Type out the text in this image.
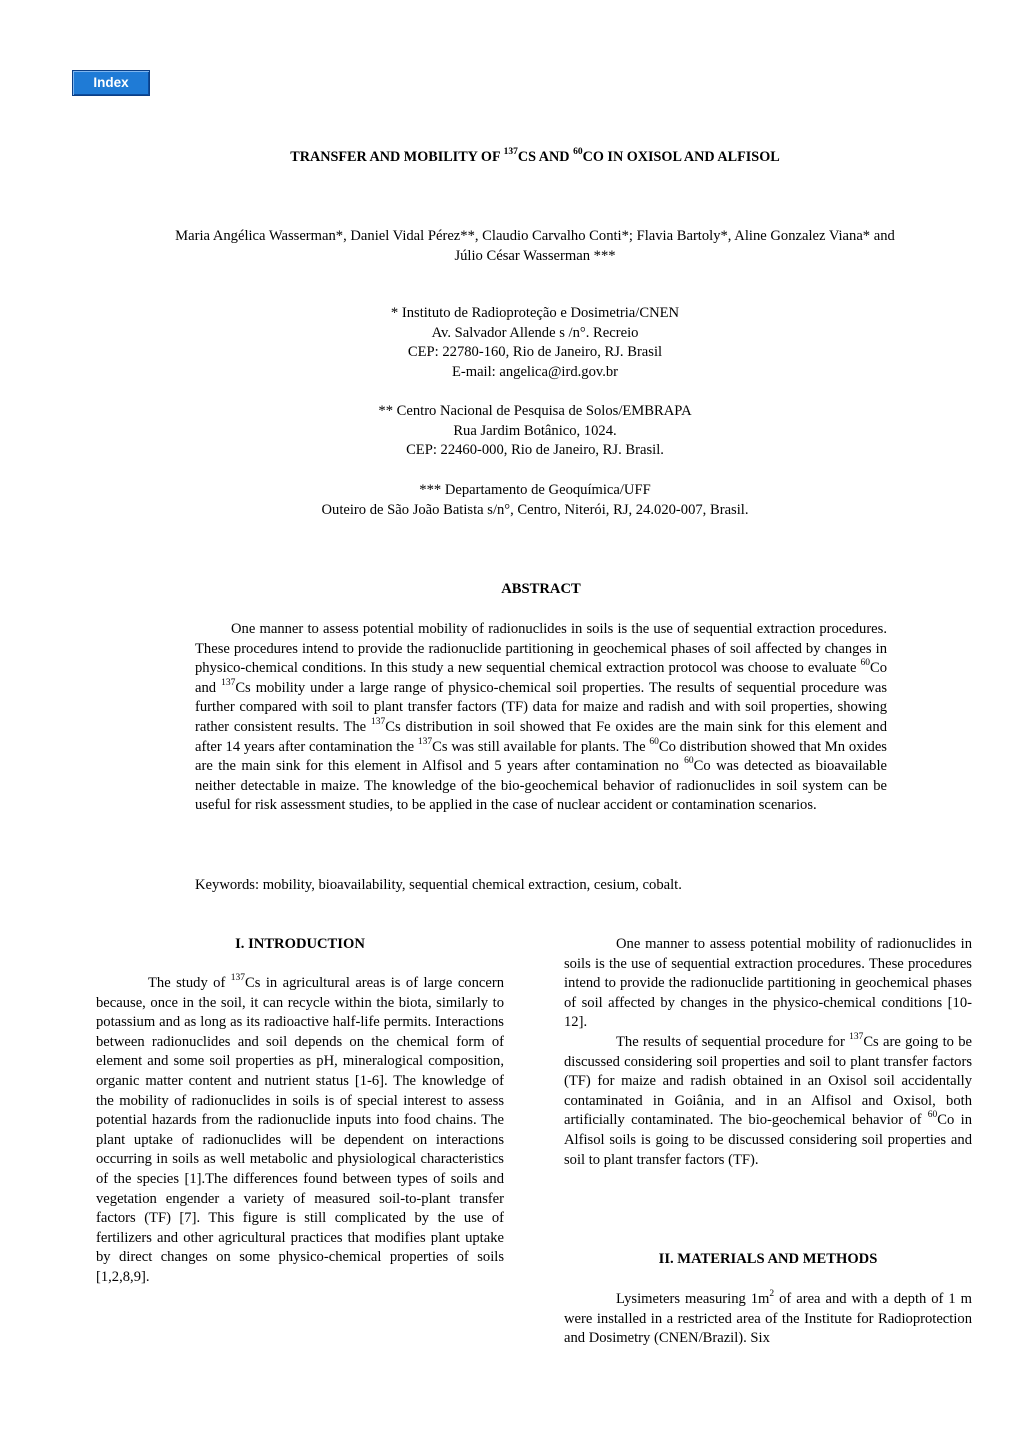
Index
TRANSFER AND MOBILITY OF $^{137}$CS AND $^{60}$CO IN OXISOL AND ALFISOL
Maria Angélica Wasserman*, Daniel Vidal Pérez**, Claudio Carvalho Conti*; Flavia Bartoly*, Aline Gonzalez Viana* and
Júlio César Wasserman ***
* Instituto de Radioproteção e Dosimetria/CNEN
Av. Salvador Allende s /n°. Recreio
CEP: 22780-160, Rio de Janeiro, RJ. Brasil
E-mail: angelica@ird.gov.br
** Centro Nacional de Pesquisa de Solos/EMBRAPA
Rua Jardim Botânico, 1024.
CEP: 22460-000, Rio de Janeiro, RJ. Brasil.
*** Departamento de Geoquímica/UFF
Outeiro de São João Batista s/n°, Centro, Niterói, RJ, 24.020-007, Brasil.
ABSTRACT

One manner to assess potential mobility of radionuclides in soils is the use of sequential extraction procedures. These procedures intend to provide the radionuclide partitioning in geochemical phases of soil affected by changes in physico-chemical conditions. In this study a new sequential chemical extraction protocol was choose to evaluate $^{60}$Co and $^{137}$Cs mobility under a large range of physico-chemical soil properties. The results of sequential procedure was further compared with soil to plant transfer factors (TF) data for maize and radish and with soil properties, showing rather consistent results. The $^{137}$Cs distribution in soil showed that Fe oxides are the main sink for this element and after 14 years after contamination the $^{137}$Cs was still available for plants. The $^{60}$Co distribution showed that Mn oxides are the main sink for this element in Alfisol and 5 years after contamination no $^{60}$Co was detected as bioavailable neither detectable in maize. The knowledge of the bio-geochemical behavior of radionuclides in soil system can be useful for risk assessment studies, to be applied in the case of nuclear accident or contamination scenarios.

Keywords: mobility, bioavailability, sequential chemical extraction, cesium, cobalt.
I. INTRODUCTION

The study of $^{137}$Cs in agricultural areas is of large concern because, once in the soil, it can recycle within the biota, similarly to potassium and as long as its radioactive half-life permits. Interactions between radionuclides and soil depends on the chemical form of element and some soil properties as pH, mineralogical composition, organic matter content and nutrient status [1-6]. The knowledge of the mobility of radionuclides in soils is of special interest to assess potential hazards from the radionuclide inputs into food chains. The plant uptake of radionuclides will be dependent on interactions occurring in soils as well metabolic and physiological characteristics of the species [1].The differences found between types of soils and vegetation engender a variety of measured soil-to-plant transfer factors (TF) [7]. This figure is still complicated by the use of fertilizers and other agricultural practices that modifies plant uptake by direct changes on some physico-chemical properties of soils [1,2,8,9].

One manner to assess potential mobility of radionuclides in soils is the use of sequential extraction procedures. These procedures intend to provide the radionuclide partitioning in geochemical phases of soil affected by changes in the physico-chemical conditions [10-12].

The results of sequential procedure for $^{137}$Cs are going to be discussed considering soil properties and soil to plant transfer factors (TF) for maize and radish obtained in an Oxisol soil accidentally contaminated in Goiânia, and in an Alfisol and Oxisol, both artificially contaminated. The bio-geochemical behavior of $^{60}$Co in Alfisol soils is going to be discussed considering soil properties and soil to plant transfer factors (TF).

II. MATERIALS AND METHODS

Lysimeters measuring $1m^2$ of area and with a depth of 1 m were installed in a restricted area of the Institute for Radioprotection and Dosimetry (CNEN/Brazil). Six
